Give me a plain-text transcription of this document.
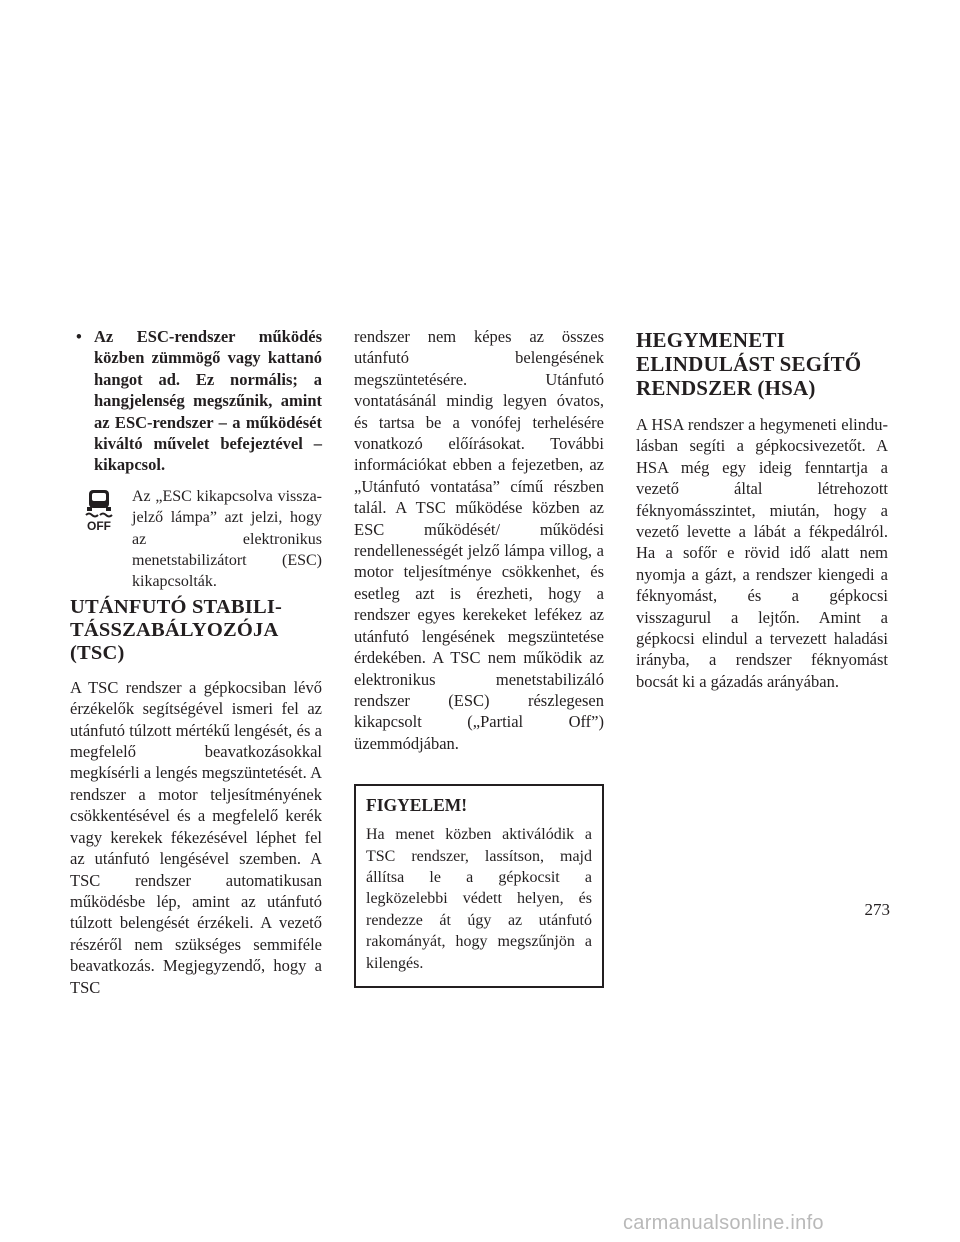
• Az ESC-rendszer működés közben zümmögő vagy kattanó hangot ad. Ez normális; a hangjelenség megszűnik, amint az ESC-rendszer – a működését kiváltó művelet befejeztével – kikapcsol.
OFF
Az „ESC kikapcsolva visszajelző lámpa” azt jelzi, hogy az elektronikus menetstabilizátort (ESC) kikapcsolták.
UTÁNFUTÓ STABILITÁSSZABÁLYOZÓJA (TSC)

A TSC rendszer a gépkocsiban lévő érzékelők segítségével ismeri fel az utánfutó túlzott mértékű lengését, és a megfelelő beavatkozásokkal megkísérli a lengés megszüntetését. A rendszer a motor teljesítményének csökkentésével és a megfelelő kerék vagy kerekek fékezésével léphet fel az utánfutó lengésével szemben. A TSC rendszer automatikusan működésbe lép, amint az utánfutó túlzott belengését érzékeli. A vezető részéről nem szükséges semmiféle beavatkozás. Megjegyzendő, hogy a TSC

rendszer nem képes az összes utánfutó belengésének megszüntetésére. Utánfutó vontatásánál mindig legyen óvatos, és tartsa be a vonófej terhelésére vonatkozó előírásokat. További információkat ebben a fejezetben, az „Utánfutó vontatása” című részben talál. A TSC működése közben az ESC működését/ működési rendellenességét jelző lámpa villog, a motor teljesítménye csökkenhet, és esetleg azt is érezheti, hogy a rendszer egyes kerekeket lefékez az utánfutó lengésének megszüntetése érdekében. A TSC nem működik az elektronikus menetstabilizáló rendszer (ESC) részlegesen kikapcsolt („Partial Off”) üzemmódjában.

FIGYELEM!

Ha menet közben aktiválódik a TSC rendszer, lassítson, majd állítsa le a gépkocsit a legközelebbi védett helyen, és rendezze át úgy az utánfutó rakományát, hogy megszűnjön a kilengés.

HEGYMENETI ELINDULÁST SEGÍTŐ RENDSZER (HSA)

A HSA rendszer a hegymeneti elindulásban segíti a gépkocsivezetőt. A HSA még egy ideig fenntartja a vezető által létrehozott féknyomásszintet, miután, hogy a vezető levette a lábát a fékpedálról. Ha a sofőr e rövid idő alatt nem nyomja a gázt, a rendszer kiengedi a féknyomást, és a gépkocsi visszagurul a lejtőn. Amint a gépkocsi elindul a tervezett haladási irányba, a rendszer féknyomást bocsát ki a gázadás arányában.

273
carmanualsonline.info
